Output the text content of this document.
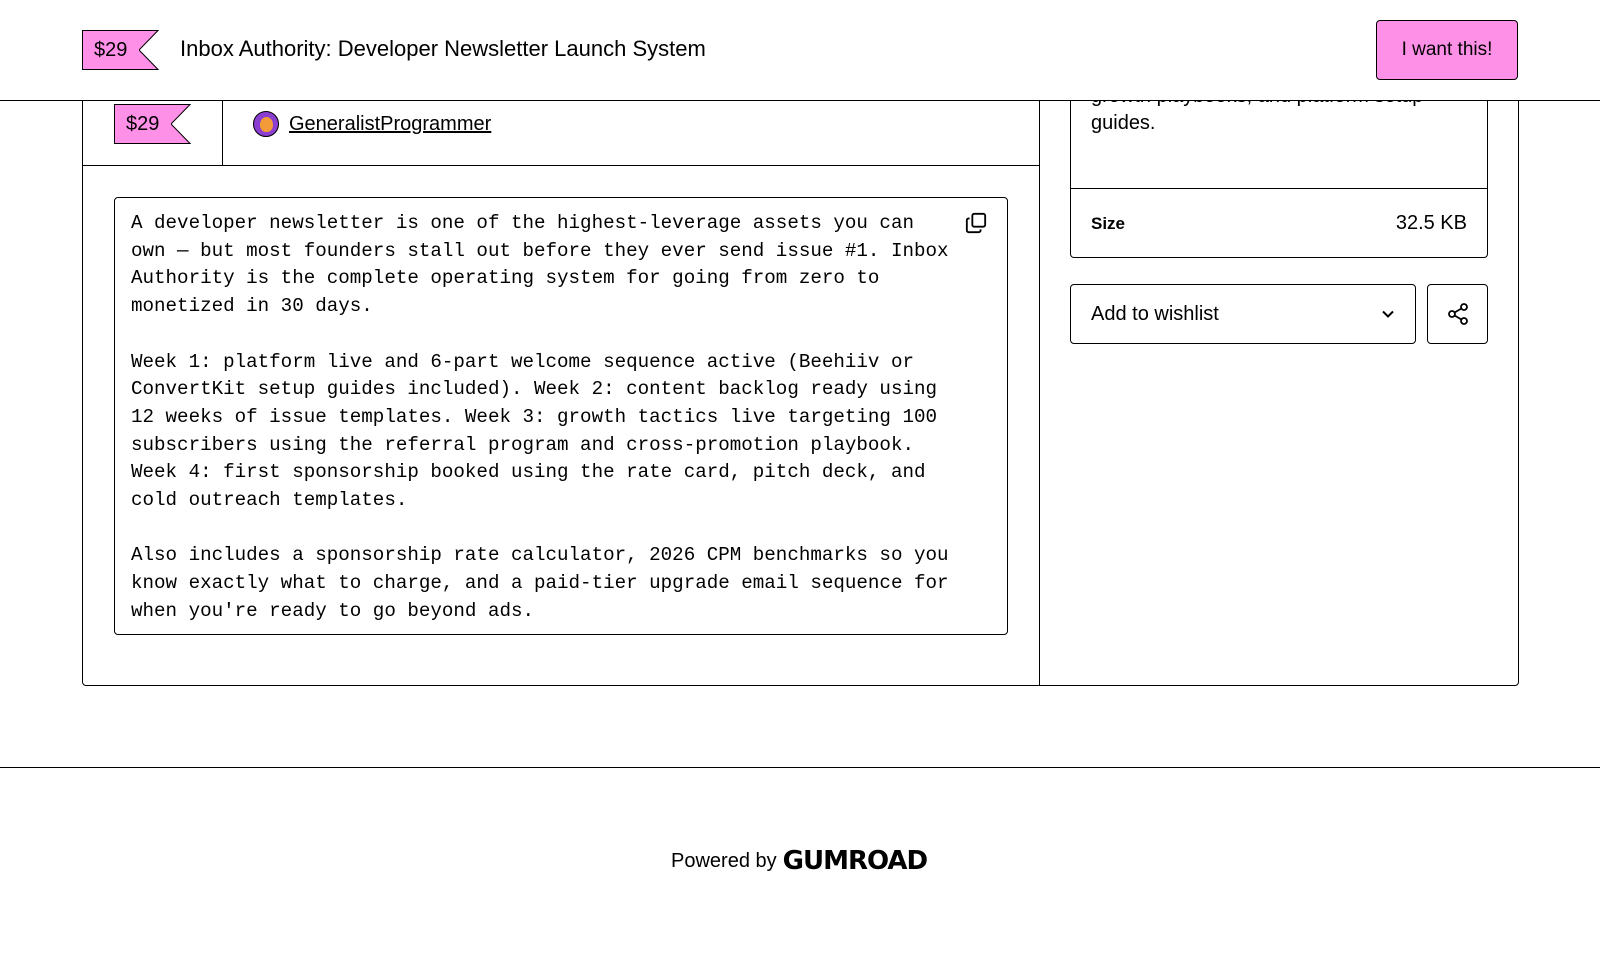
$29	GeneralistProgrammer

A developer newsletter is one of the highest-leverage assets you can
own — but most founders stall out before they ever send issue #1. Inbox
Authority is the complete operating system for going from zero to
monetized in 30 days.

Week 1: platform live and 6-part welcome sequence active (Beehiiv or
ConvertKit setup guides included). Week 2: content backlog ready using
12 weeks of issue templates. Week 3: growth tactics live targeting 100
subscribers using the referral program and cross-promotion playbook.
Week 4: first sponsorship booked using the rate card, pitch deck, and
cold outreach templates.

Also includes a sponsorship rate calculator, 2026 CPM benchmarks so you
know exactly what to charge, and a paid-tier upgrade email sequence for
when you're ready to go beyond ads.

guides.
Size	32.5 KB
Add to wishlist
$29	Inbox Authority: Developer Newsletter Launch System	I want this!
Powered by GUMROAD
